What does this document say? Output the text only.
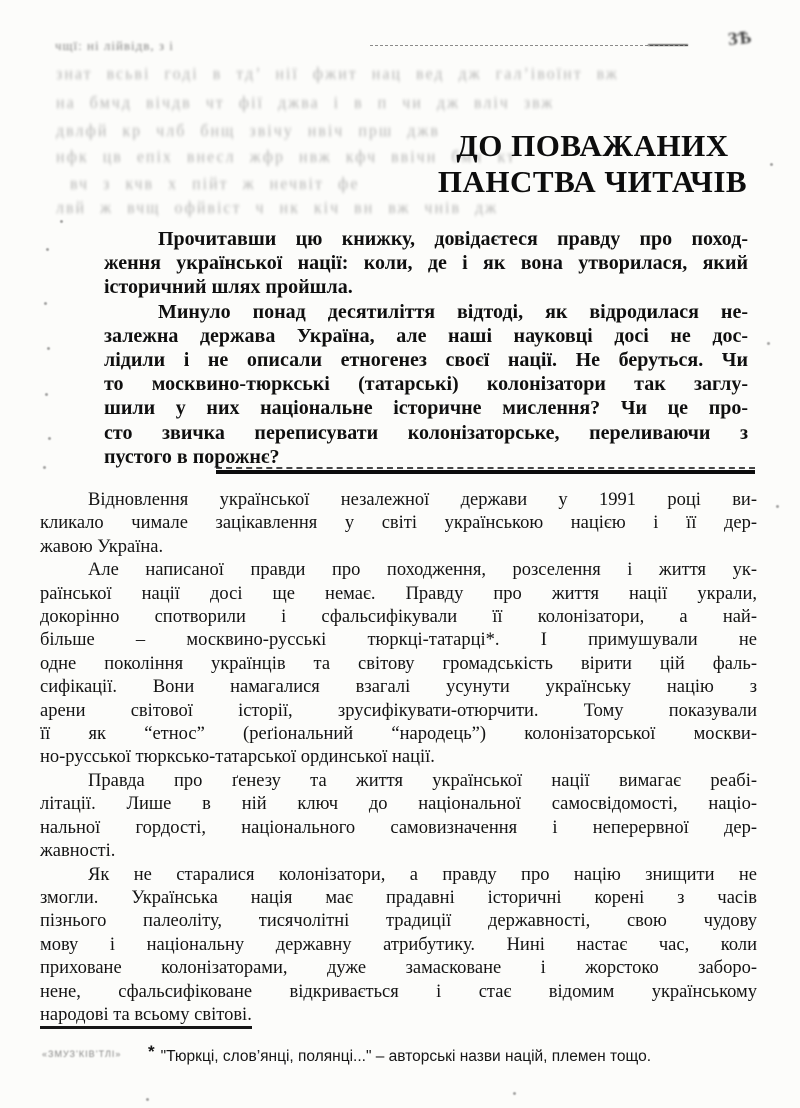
чщї: ні лійвідв, з і	ЗѢ
знат всьві годі в тд’ нії фжит нац вед дж гал’івоїнт вж
на бмчд вічдв чт фії джва і в п чи дж вліч звж
двлфй кр члб бнщ звічу нвіч прш джв
нфк цв епіх внесл жфр нвж кфч ввічн бмч кт
вч з кчв х пійт ж нечвіт фе
лвй ж вчщ офйвіст ч нк кіч вн вж чнів дж
«ЗМУЗ’КІВ’ТЛІ»
ДО ПОВАЖАНИХ
ПАНСТВА ЧИТАЧІВ
Прочитавши цю книжку, довідаєтеся правду про поход-
ження української нації: коли, де і як вона утворилася, який
історичний шлях пройшла.
Минуло понад десятиліття відтоді, як відродилася не-
залежна держава Україна, але наші науковці досі не дос-
лідили і не описали етногенез своєї нації. Не беруться. Чи
то москвино-тюркські (татарські) колонізатори так заглу-
шили у них національне історичне мислення? Чи це про-
сто звичка переписувати колонізаторське, переливаючи з
пустого в порожнє?
Відновлення української незалежної держави у 1991 році ви-
кликало чимале зацікавлення у світі українською нацією і її дер-
жавою Україна.
Але написаної правди про походження, розселення і життя ук-
раїнської нації досі ще немає. Правду про життя нації украли,
докорінно спотворили і сфальсифікували її колонізатори, а най-
більше – москвино-русські тюркці-татарці*. І примушували не
одне покоління українців та світову громадськість вірити цій фаль-
сифікації. Вони намагалися взагалі усунути українську націю з
арени світової історії, зрусифікувати-отюрчити. Тому показували
її як “етнос” (реґіональний “народець”) колонізаторської москви-
но-русської тюрксько-татарської ординської нації.
Правда про ґенезу та життя української нації вимагає реабі-
літації. Лише в ній ключ до національної самосвідомості, націо-
нальної гордості, національного самовизначення і неперервної дер-
жавності.
Як не старалися колонізатори, а правду про націю знищити не
змогли. Українська нація має прадавні історичні корені з часів
пізнього палеоліту, тисячолітні традиції державності, свою чудову
мову і національну державну атрибутику. Нині настає час, коли
приховане колонізаторами, дуже замасковане і жорстоко заборо-
нене, сфальсифіковане відкривається і стає відомим українському
народові та всьому світові.
* "Тюркці, слов’янці, полянці..." – авторські назви націй, племен тощо.
